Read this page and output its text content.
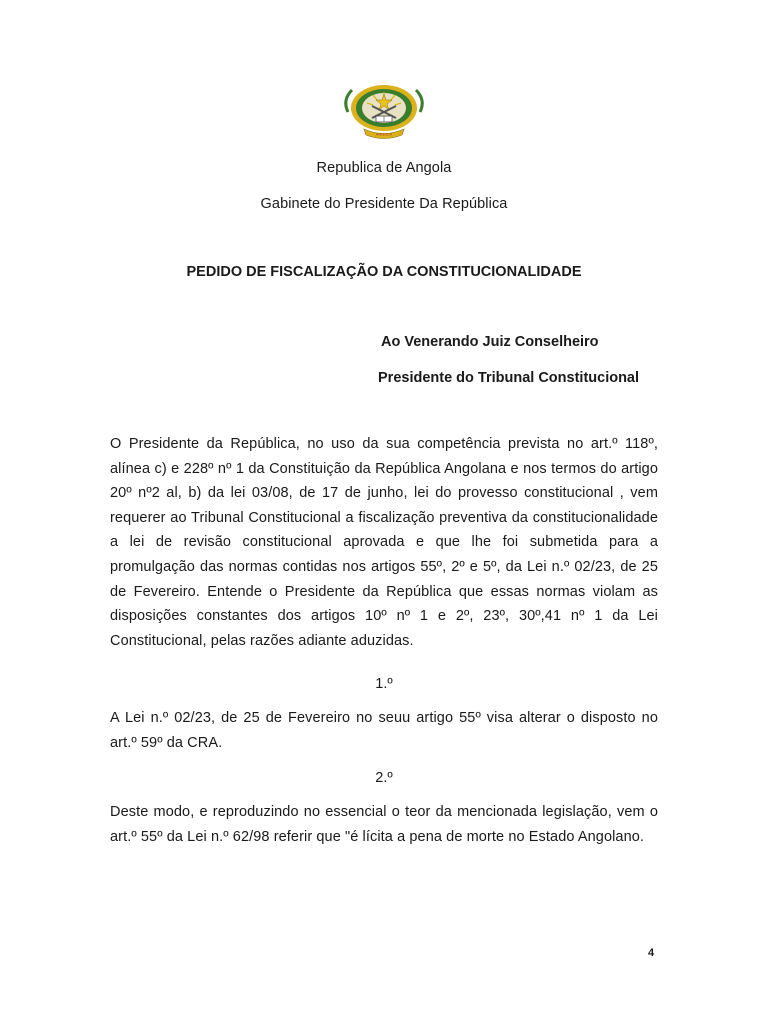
ANGOLA
Republica de Angola
Gabinete do Presidente Da República
PEDIDO DE FISCALIZAÇÃO DA CONSTITUCIONALIDADE
Ao Venerando Juiz Conselheiro
Presidente do Tribunal Constitucional
O Presidente da República, no uso da sua competência prevista no art.º 118º, alínea c) e 228º nº 1 da Constituição da República Angolana e nos termos do artigo 20º nº2 al, b) da lei 03/08, de 17 de junho, lei do provesso constitucional , vem requerer ao Tribunal Constitucional a fiscalização preventiva da constitucionalidade a lei de revisão constitucional aprovada e que lhe foi submetida para a promulgação das normas contidas nos artigos 55º, 2º e 5º, da Lei n.º 02/23, de 25 de Fevereiro. Entende o Presidente da República que essas normas violam as disposições constantes dos artigos 10º nº 1 e 2º, 23º, 30º,41 nº 1 da Lei Constitucional, pelas razões adiante aduzidas.
1.º
A Lei n.º 02/23, de 25 de Fevereiro no seuu artigo 55º visa alterar o disposto no art.º 59º da CRA.
2.º
Deste modo, e reproduzindo no essencial o teor da mencionada legislação, vem o art.º 55º da Lei n.º 62/98 referir que "é lícita a pena de morte no Estado Angolano.
4
